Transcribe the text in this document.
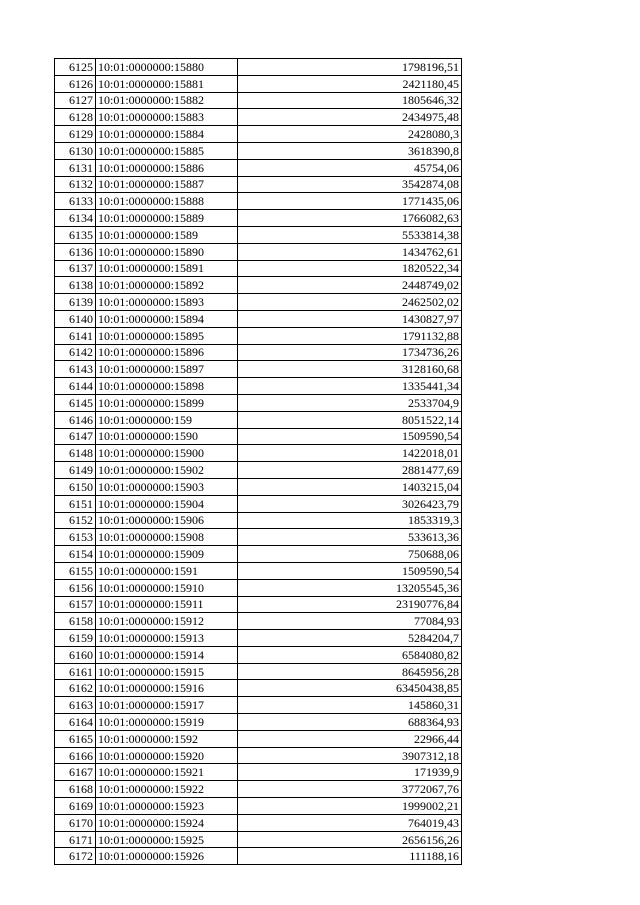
6125	10:01:0000000:15880	1798196,51
6126	10:01:0000000:15881	2421180,45
6127	10:01:0000000:15882	1805646,32
6128	10:01:0000000:15883	2434975,48
6129	10:01:0000000:15884	2428080,3
6130	10:01:0000000:15885	3618390,8
6131	10:01:0000000:15886	45754,06
6132	10:01:0000000:15887	3542874,08
6133	10:01:0000000:15888	1771435,06
6134	10:01:0000000:15889	1766082,63
6135	10:01:0000000:1589	5533814,38
6136	10:01:0000000:15890	1434762,61
6137	10:01:0000000:15891	1820522,34
6138	10:01:0000000:15892	2448749,02
6139	10:01:0000000:15893	2462502,02
6140	10:01:0000000:15894	1430827,97
6141	10:01:0000000:15895	1791132,88
6142	10:01:0000000:15896	1734736,26
6143	10:01:0000000:15897	3128160,68
6144	10:01:0000000:15898	1335441,34
6145	10:01:0000000:15899	2533704,9
6146	10:01:0000000:159	8051522,14
6147	10:01:0000000:1590	1509590,54
6148	10:01:0000000:15900	1422018,01
6149	10:01:0000000:15902	2881477,69
6150	10:01:0000000:15903	1403215,04
6151	10:01:0000000:15904	3026423,79
6152	10:01:0000000:15906	1853319,3
6153	10:01:0000000:15908	533613,36
6154	10:01:0000000:15909	750688,06
6155	10:01:0000000:1591	1509590,54
6156	10:01:0000000:15910	13205545,36
6157	10:01:0000000:15911	23190776,84
6158	10:01:0000000:15912	77084,93
6159	10:01:0000000:15913	5284204,7
6160	10:01:0000000:15914	6584080,82
6161	10:01:0000000:15915	8645956,28
6162	10:01:0000000:15916	63450438,85
6163	10:01:0000000:15917	145860,31
6164	10:01:0000000:15919	688364,93
6165	10:01:0000000:1592	22966,44
6166	10:01:0000000:15920	3907312,18
6167	10:01:0000000:15921	171939,9
6168	10:01:0000000:15922	3772067,76
6169	10:01:0000000:15923	1999002,21
6170	10:01:0000000:15924	764019,43
6171	10:01:0000000:15925	2656156,26
6172	10:01:0000000:15926	111188,16
